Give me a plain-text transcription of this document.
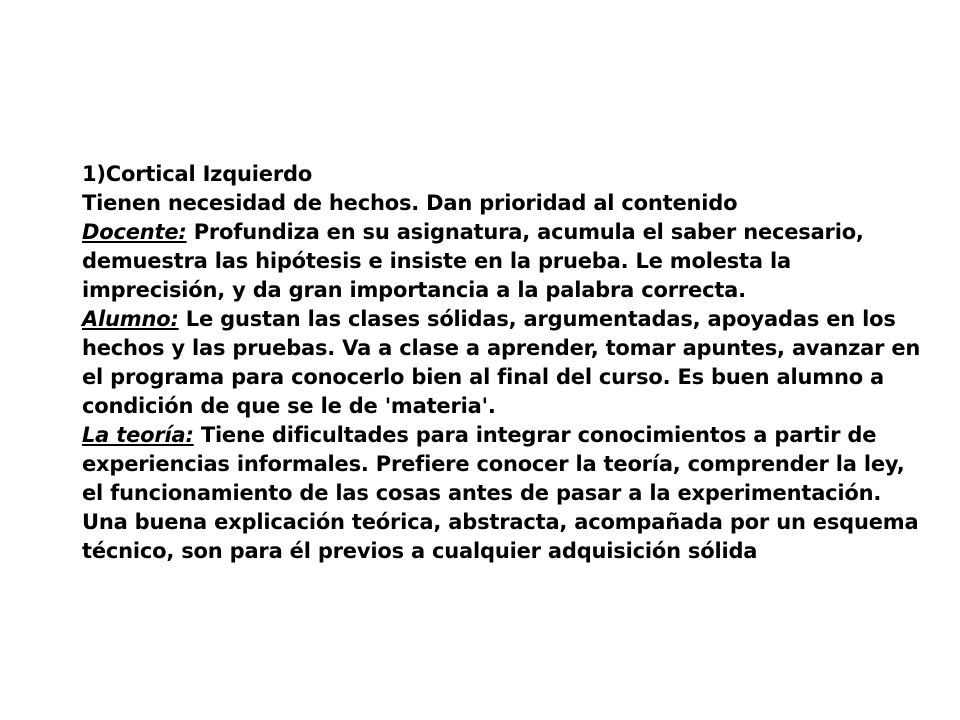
1)Cortical Izquierdo

Tienen necesidad de hechos. Dan prioridad al contenido

Docente: Profundiza en su asignatura, acumula el saber necesario, demuestra las hipótesis e insiste en la prueba. Le molesta la imprecisión, y da gran importancia a la palabra correcta.

Alumno: Le gustan las clases sólidas, argumentadas, apoyadas en los hechos y las pruebas. Va a clase a aprender, tomar apuntes, avanzar en el programa para conocerlo bien al final del curso. Es buen alumno a condición de que se le de 'materia'.

La teoría: Tiene dificultades para integrar conocimientos a partir de experiencias informales. Prefiere conocer la teoría, comprender la ley, el funcionamiento de las cosas antes de pasar a la experimentación. Una buena explicación teórica, abstracta, acompañada por un esquema técnico, son para él previos a cualquier adquisición sólida
